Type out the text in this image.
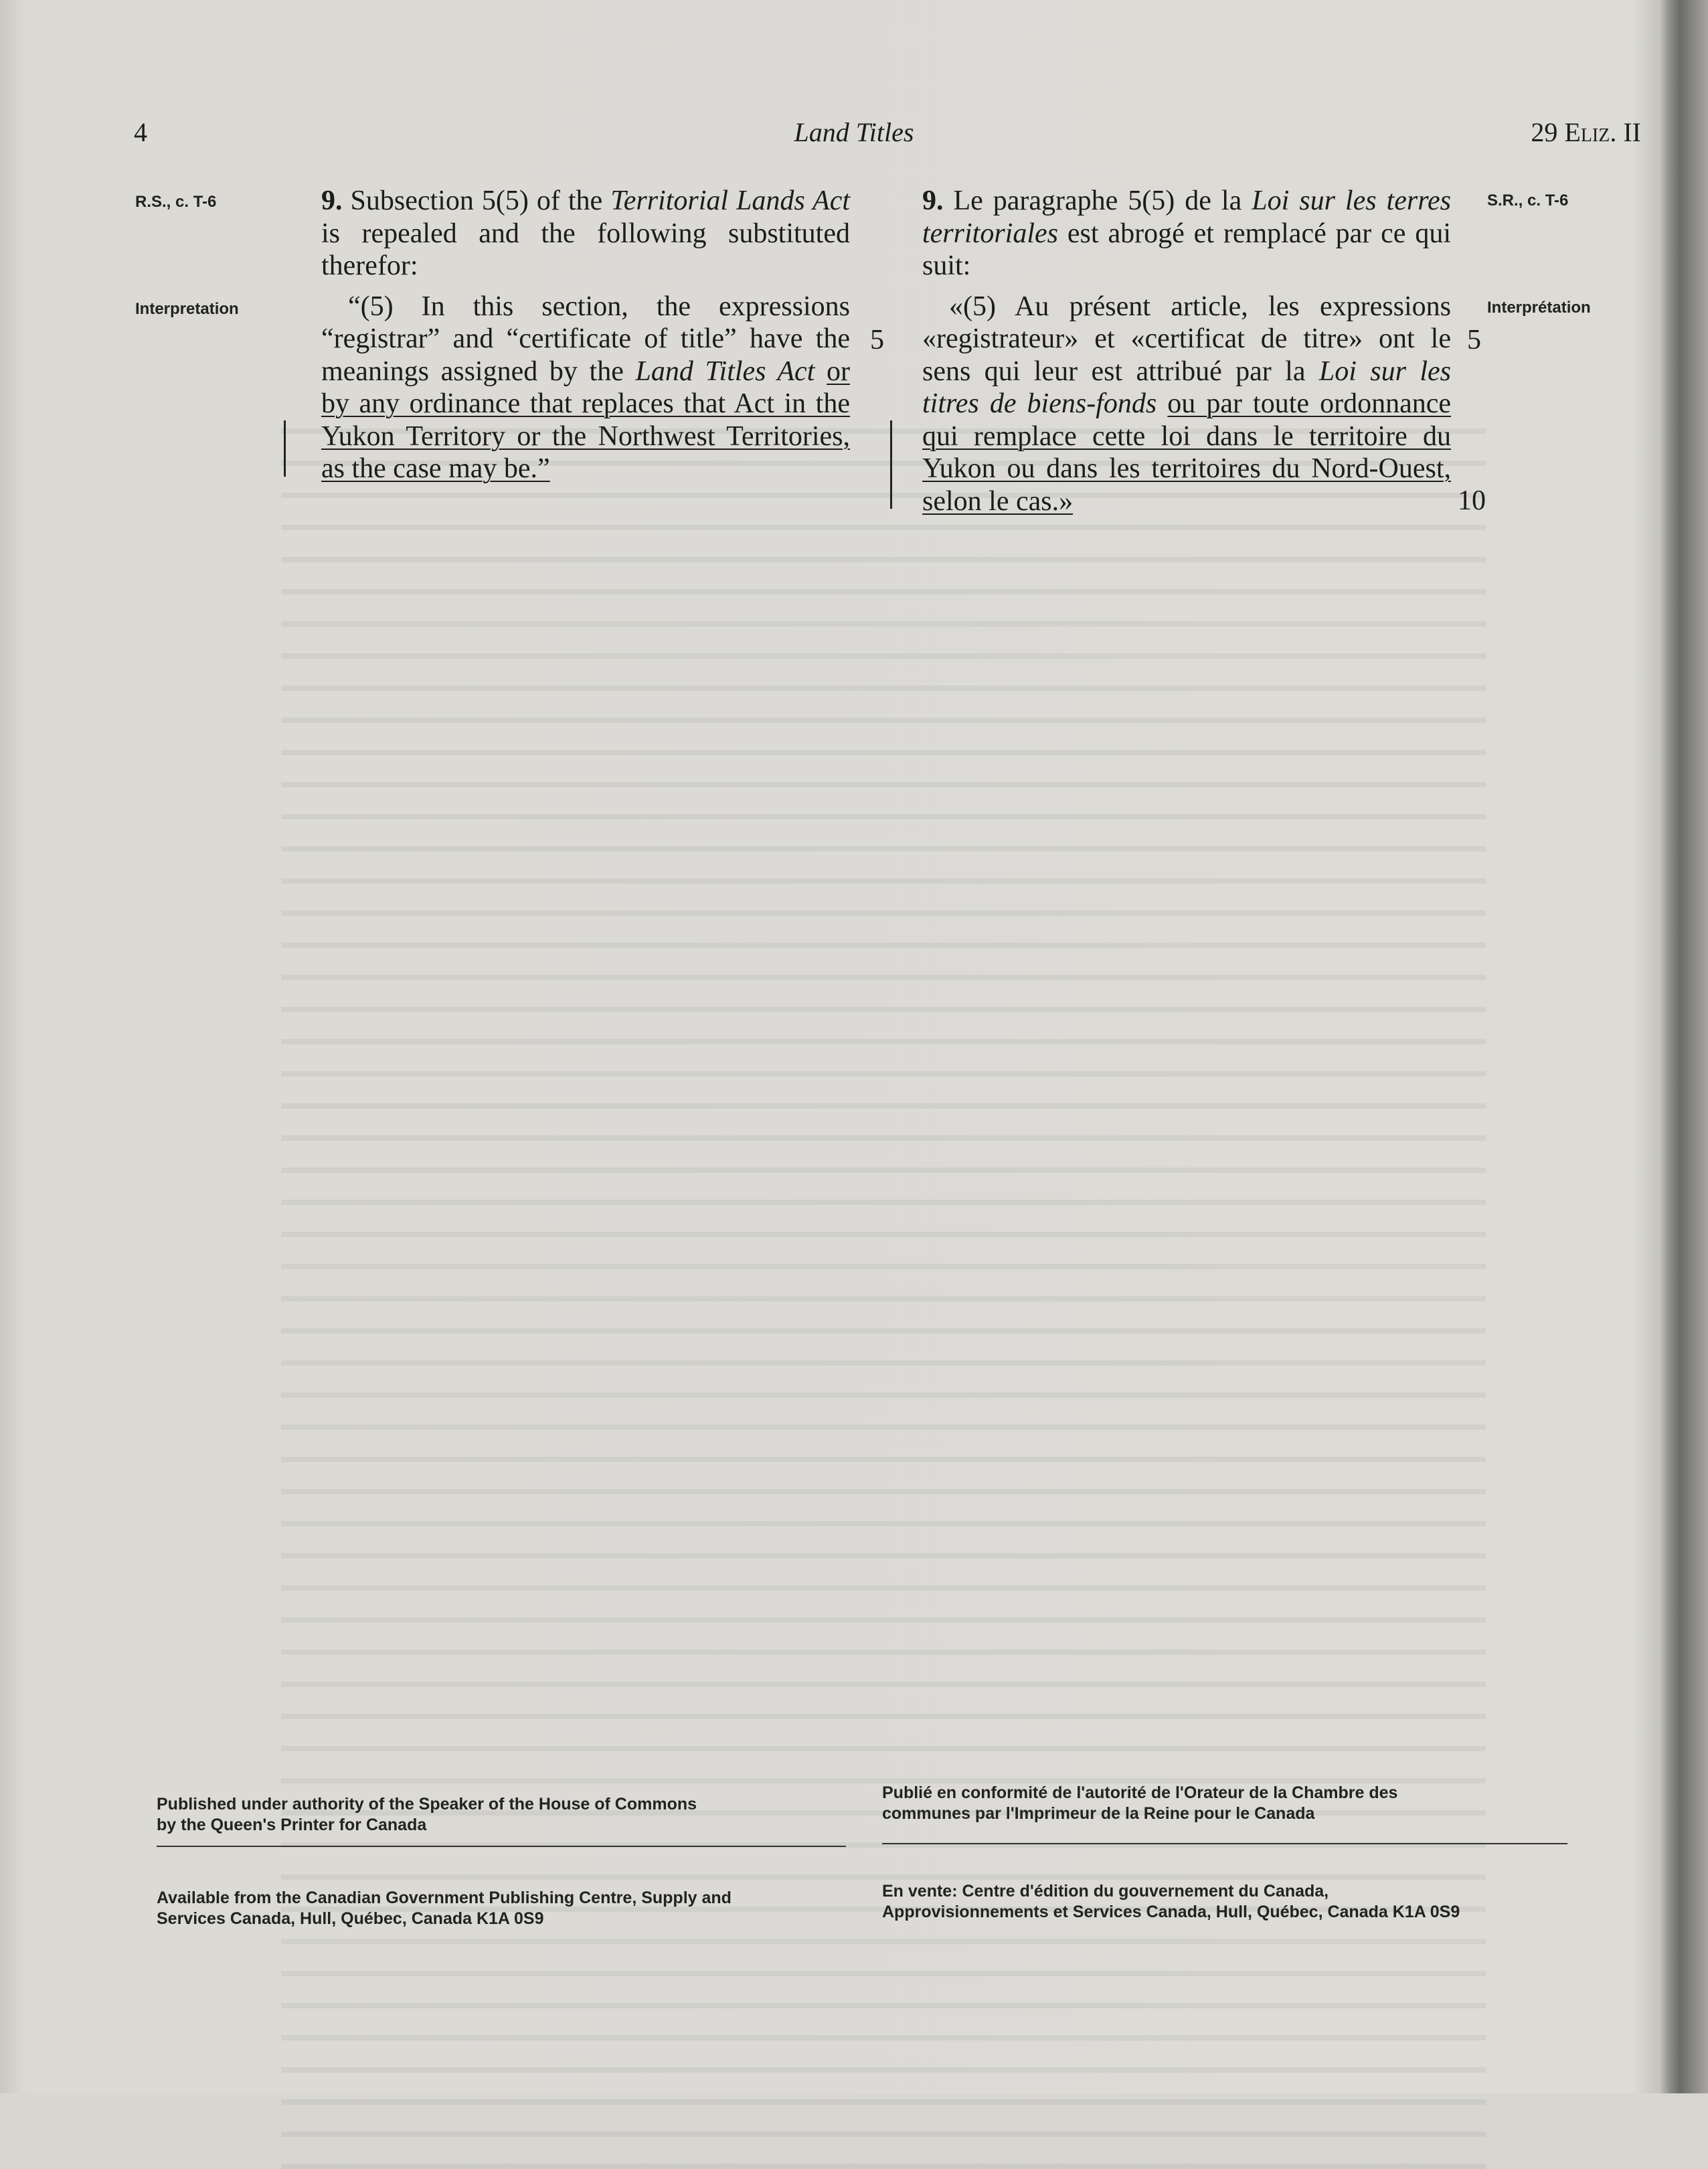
4	Land Titles	29 Eliz. II
R.S., c. T-6
Interpretation

9. Subsection 5(5) of the Territorial Lands Act is repealed and the following substituted therefor:

“(5) In this section, the expressions “registrar” and “certificate of title” have the meanings assigned by the Land Titles Act or by any ordinance that replaces that Act in the Yukon Territory or the Northwest Territories, as the case may be.”

5

9. Le paragraphe 5(5) de la Loi sur les terres territoriales est abrogé et remplacé par ce qui suit:

«(5) Au présent article, les expressions «registrateur» et «certificat de titre» ont le sens qui leur est attribué par la Loi sur les titres de biens-fonds ou par toute ordonnance qui remplace cette loi dans le territoire du Yukon ou dans les territoires du Nord-Ouest, selon le cas.»

5
10
S.R., c. T-6
Interprétation
Published under authority of the Speaker of the House of Commons
by the Queen's Printer for Canada
Available from the Canadian Government Publishing Centre, Supply and
Services Canada, Hull, Québec, Canada K1A 0S9
Publié en conformité de l'autorité de l'Orateur de la Chambre des
communes par l'Imprimeur de la Reine pour le Canada
En vente: Centre d'édition du gouvernement du Canada,
Approvisionnements et Services Canada, Hull, Québec, Canada K1A 0S9
